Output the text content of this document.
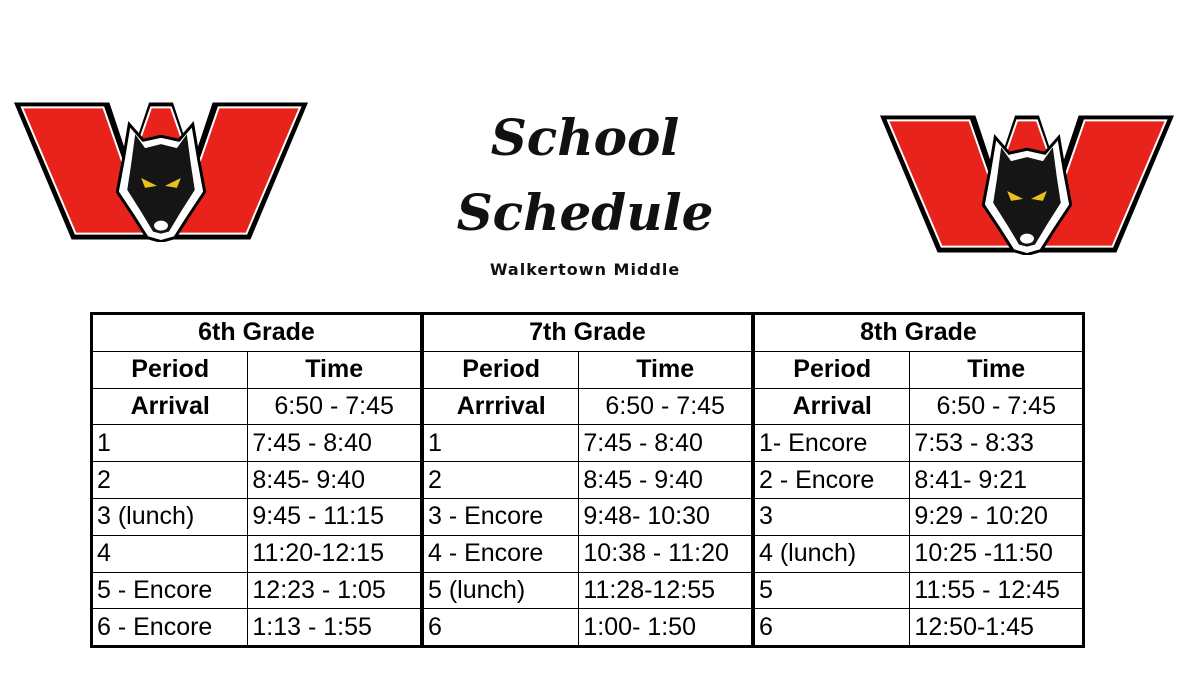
School
Schedule
Walkertown Middle
6th Grade		7th Grade		8th Grade	
Period	Time	Period	Time	Period	Time
Arrival	6:50 - 7:45	Arrrival	6:50 - 7:45	Arrival	6:50 - 7:45
1	7:45 - 8:40	1	7:45 - 8:40	1- Encore	7:53 - 8:33
2	8:45- 9:40	2	8:45 - 9:40	2 - Encore	8:41- 9:21
3 (lunch)	9:45 - 11:15	3 - Encore	9:48- 10:30	3	9:29 - 10:20
4	11:20-12:15	4 - Encore	10:38 - 11:20	4 (lunch)	10:25 -11:50
5 - Encore	12:23 - 1:05	5 (lunch)	11:28-12:55	5	11:55 - 12:45
6 - Encore	1:13 - 1:55	6	1:00- 1:50	6	12:50-1:45
